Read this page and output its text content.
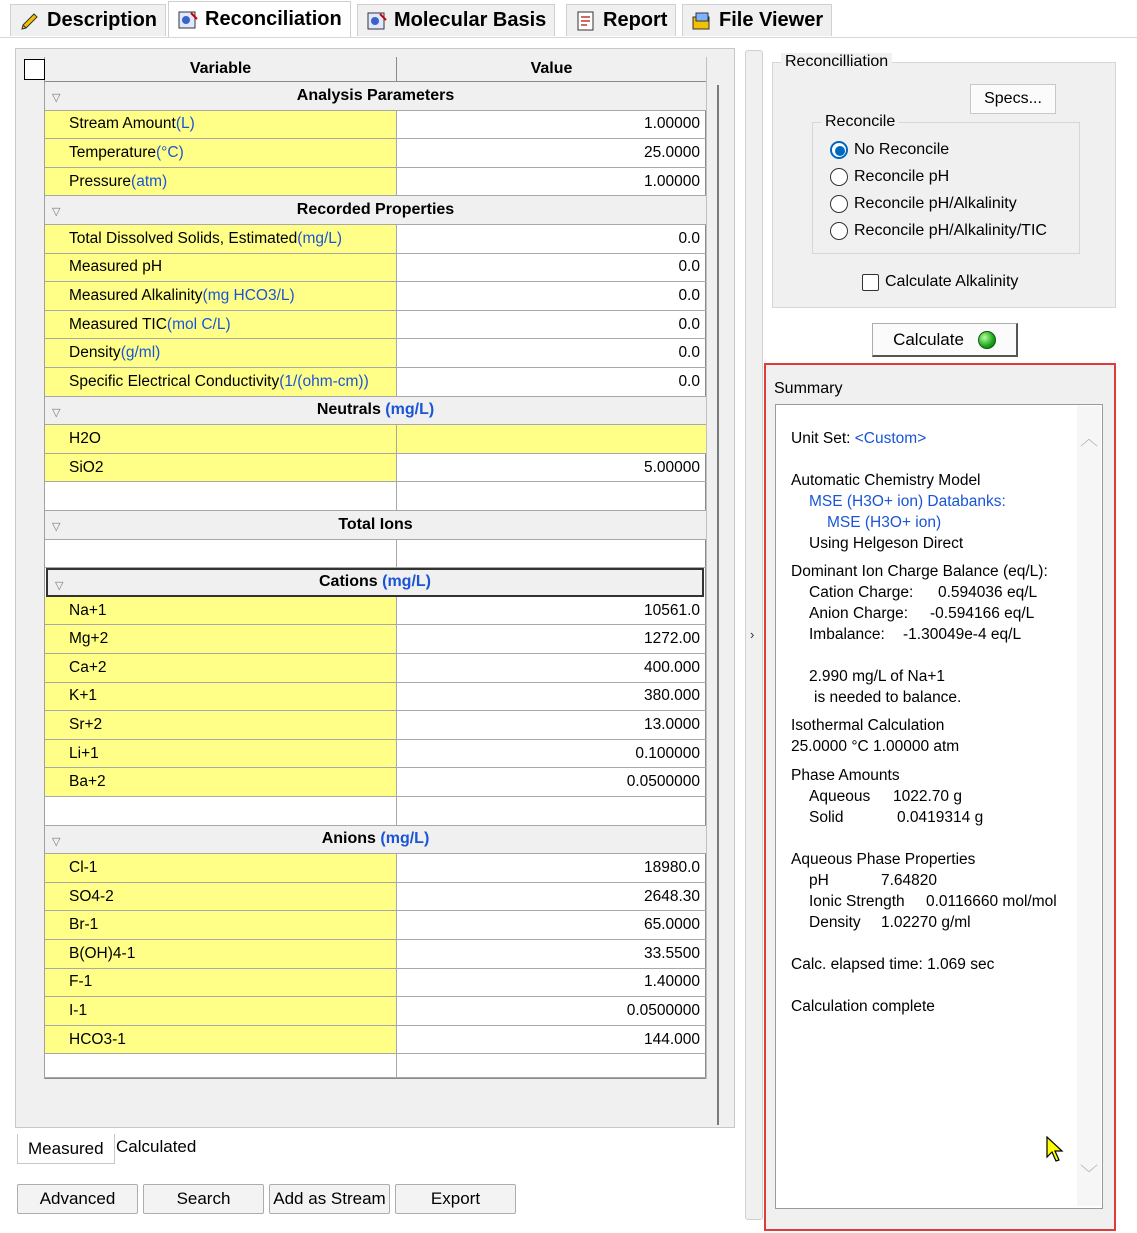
Description Reconciliation	Molecular Basis	Report	File Viewer
Variable	Value
▽	Analysis Parameters
Stream Amount (L)	1.00000
Temperature (°C)	25.0000
Pressure (atm)	1.00000
▽	Recorded Properties
Total Dissolved Solids, Estimated (mg/L)	0.0
Measured pH	0.0
Measured Alkalinity (mg HCO3/L)	0.0
Measured TIC (mol C/L)	0.0
Density (g/ml)	0.0
Specific Electrical Conductivity (1/(ohm-cm))	0.0
▽	Neutrals (mg/L)
H2O
SiO2	5.00000
▽	Total Ions
▽	Cations (mg/L)
Na+1	10561.0
Mg+2	1272.00
Ca+2	400.000
K+1	380.000
Sr+2	13.0000
Li+1	0.100000
Ba+2	0.0500000
▽	Anions (mg/L)
Cl-1	18980.0
SO4-2	2648.30
Br-1	65.0000
B(OH)4-1	33.5500
F-1	1.40000
I-1	0.0500000
HCO3-1	144.000
Measured Calculated
Advanced	Search	Add as Stream	Export
›
Reconcilliation
Specs...
Reconcile
No Reconcile
Reconcile pH
Reconcile pH/Alkalinity
Reconcile pH/Alkalinity/TIC
Calculate Alkalinity
Calculate
Summary
︿
﹀
Unit Set: <Custom>
Automatic Chemistry Model
MSE (H3O+ ion) Databanks:
MSE (H3O+ ion)
Using Helgeson Direct
Dominant Ion Charge Balance (eq/L):
Cation Charge: 0.594036 eq/L
Anion Charge: -0.594166 eq/L
Imbalance: -1.30049e-4 eq/L
2.990 mg/L of Na+1
is needed to balance.
Isothermal Calculation
25.0000 °C 1.00000 atm
Phase Amounts
Aqueous 1022.70 g
Solid	0.0419314 g
Aqueous Phase Properties
pH	7.64820
Ionic Strength 0.0116660 mol/mol
Density 1.02270 g/ml
Calc. elapsed time: 1.069 sec
Calculation complete
